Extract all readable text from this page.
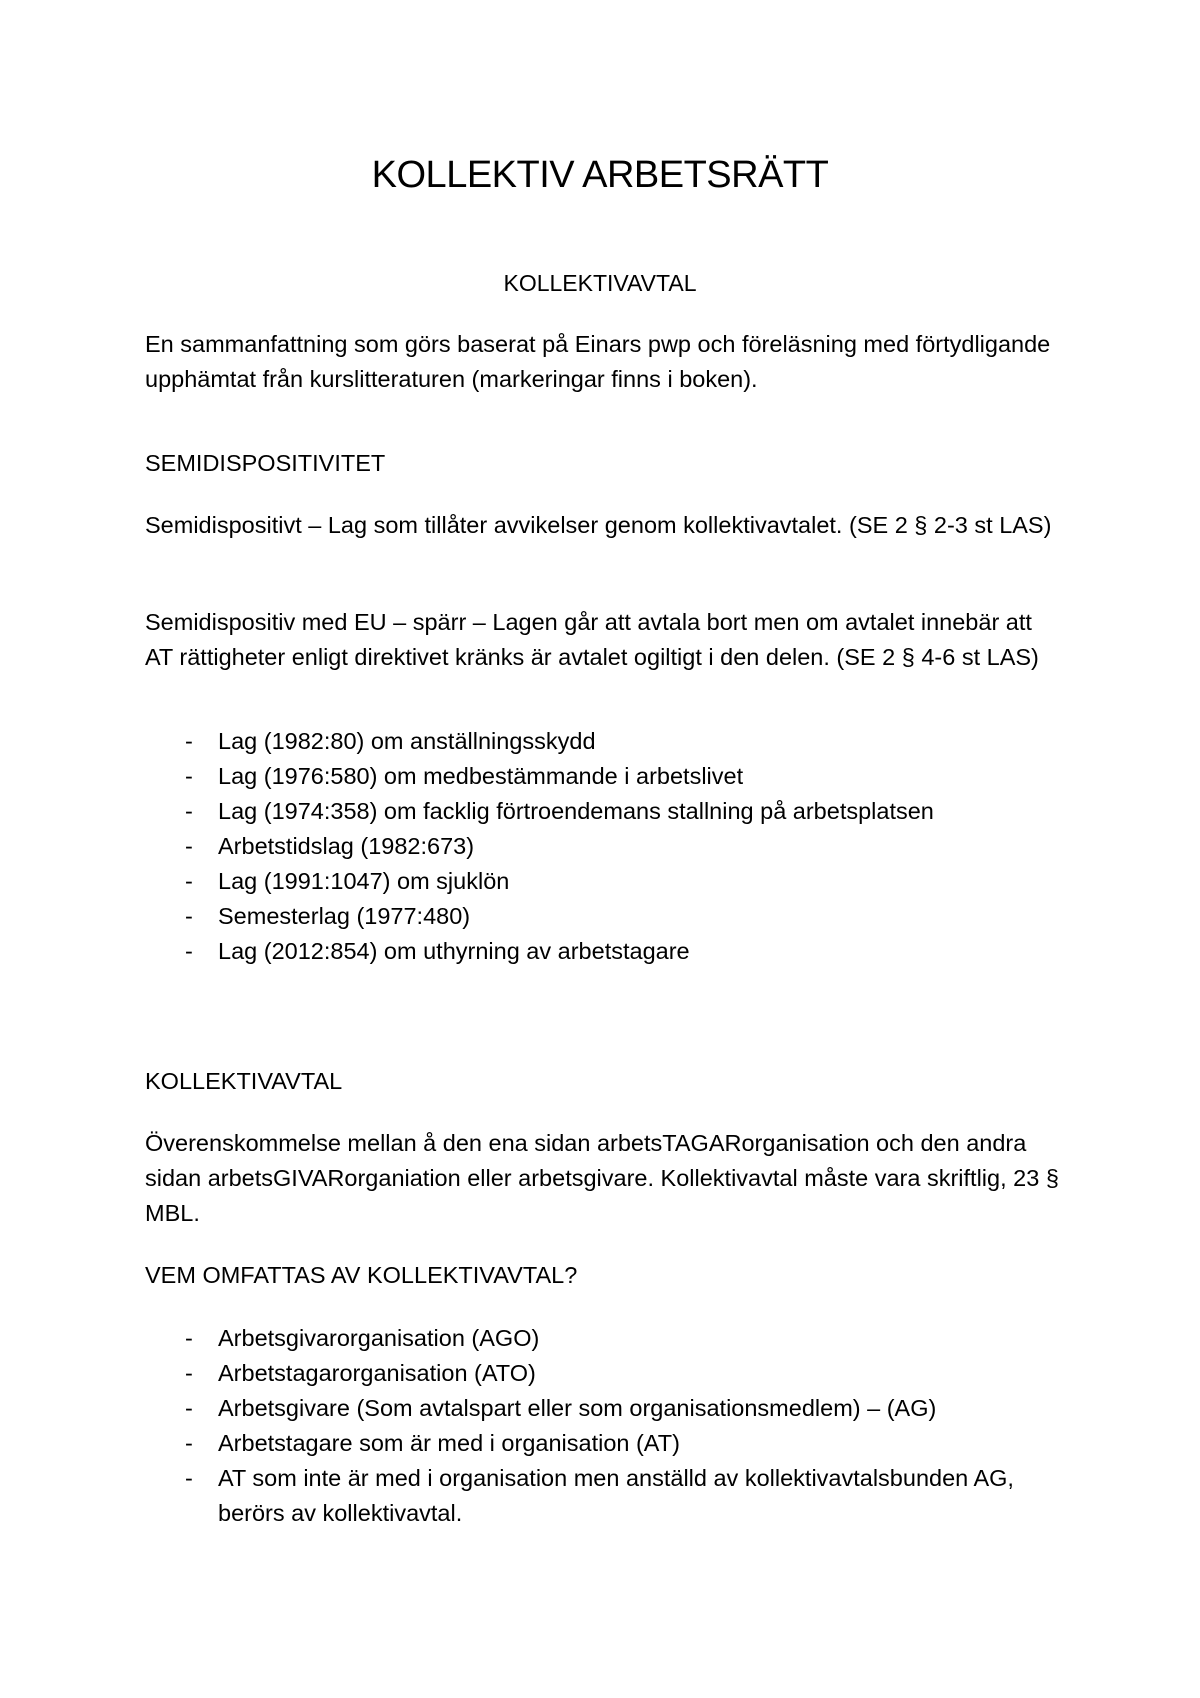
KOLLEKTIV ARBETSRÄTT
KOLLEKTIVAVTAL

En sammanfattning som görs baserat på Einars pwp och föreläsning med förtydligande upphämtat från kurslitteraturen (markeringar finns i boken).

SEMIDISPOSITIVITET

Semidispositivt – Lag som tillåter avvikelser genom kollektivavtalet. (SE 2 § 2-3 st LAS)

Semidispositiv med EU – spärr – Lagen går att avtala bort men om avtalet innebär att AT rättigheter enligt direktivet kränks är avtalet ogiltigt i den delen. (SE 2 § 4-6 st LAS)

- Lag (1982:80) om anställningsskydd
- Lag (1976:580) om medbestämmande i arbetslivet
- Lag (1974:358) om facklig förtroendemans stallning på arbetsplatsen
- Arbetstidslag (1982:673)
- Lag (1991:1047) om sjuklön
- Semesterlag (1977:480)
- Lag (2012:854) om uthyrning av arbetstagare

KOLLEKTIVAVTAL

Överenskommelse mellan å den ena sidan arbetsTAGARorganisation och den andra sidan arbetsGIVARorganiation eller arbetsgivare. Kollektivavtal måste vara skriftlig, 23 § MBL.

VEM OMFATTAS AV KOLLEKTIVAVTAL?

- Arbetsgivarorganisation (AGO)
- Arbetstagarorganisation (ATO)
- Arbetsgivare (Som avtalspart eller som organisationsmedlem) – (AG)
- Arbetstagare som är med i organisation (AT)
- AT som inte är med i organisation men anställd av kollektivavtalsbunden AG, berörs av kollektivavtal.
